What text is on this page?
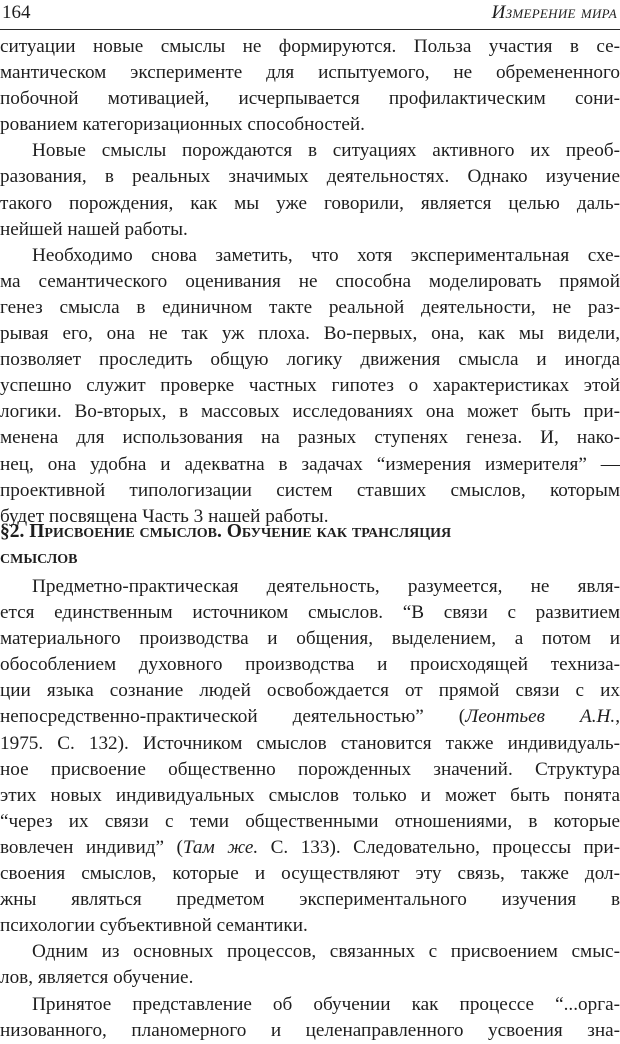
164	Измерение мира
ситуации новые смыслы не формируются. Польза участия в се-
мантическом эксперименте для испытуемого, не обремененного
побочной мотивацией, исчерпывается профилактическим сони-
рованием категоризационных способностей.
Новые смыслы порождаются в ситуациях активного их преоб-
разования, в реальных значимых деятельностях. Однако изучение
такого порождения, как мы уже говорили, является целью даль-
нейшей нашей работы.
Необходимо снова заметить, что хотя экспериментальная схе-
ма семантического оценивания не способна моделировать прямой
генез смысла в единичном такте реальной деятельности, не раз-
рывая его, она не так уж плоха. Во-первых, она, как мы видели,
позволяет проследить общую логику движения смысла и иногда
успешно служит проверке частных гипотез о характеристиках этой
логики. Во-вторых, в массовых исследованиях она может быть при-
менена для использования на разных ступенях генеза. И, нако-
нец, она удобна и адекватна в задачах “измерения измерителя” —
проективной типологизации систем ставших смыслов, которым
будет посвящена Часть 3 нашей работы.
§2. Присвоение смыслов. Обучение как трансляция
смыслов
Предметно-практическая деятельность, разумеется, не явля-
ется единственным источником смыслов. “В связи с развитием
материального производства и общения, выделением, а потом и
обособлением духовного производства и происходящей техниза-
ции языка сознание людей освобождается от прямой связи с их
непосредственно-практической деятельностью” (Леонтьев А.Н.,
1975. С. 132). Источником смыслов становится также индивидуаль-
ное присвоение общественно порожденных значений. Структура
этих новых индивидуальных смыслов только и может быть понята
“через их связи с теми общественными отношениями, в которые
вовлечен индивид” (Там же. С. 133). Следовательно, процессы при-
своения смыслов, которые и осуществляют эту связь, также дол-
жны являться предметом экспериментального изучения в
психологии субъективной семантики.
Одним из основных процессов, связанных с присвоением смыс-
лов, является обучение.
Принятое представление об обучении как процессе “...орга-
низованного, планомерного и целенаправленного усвоения зна-
